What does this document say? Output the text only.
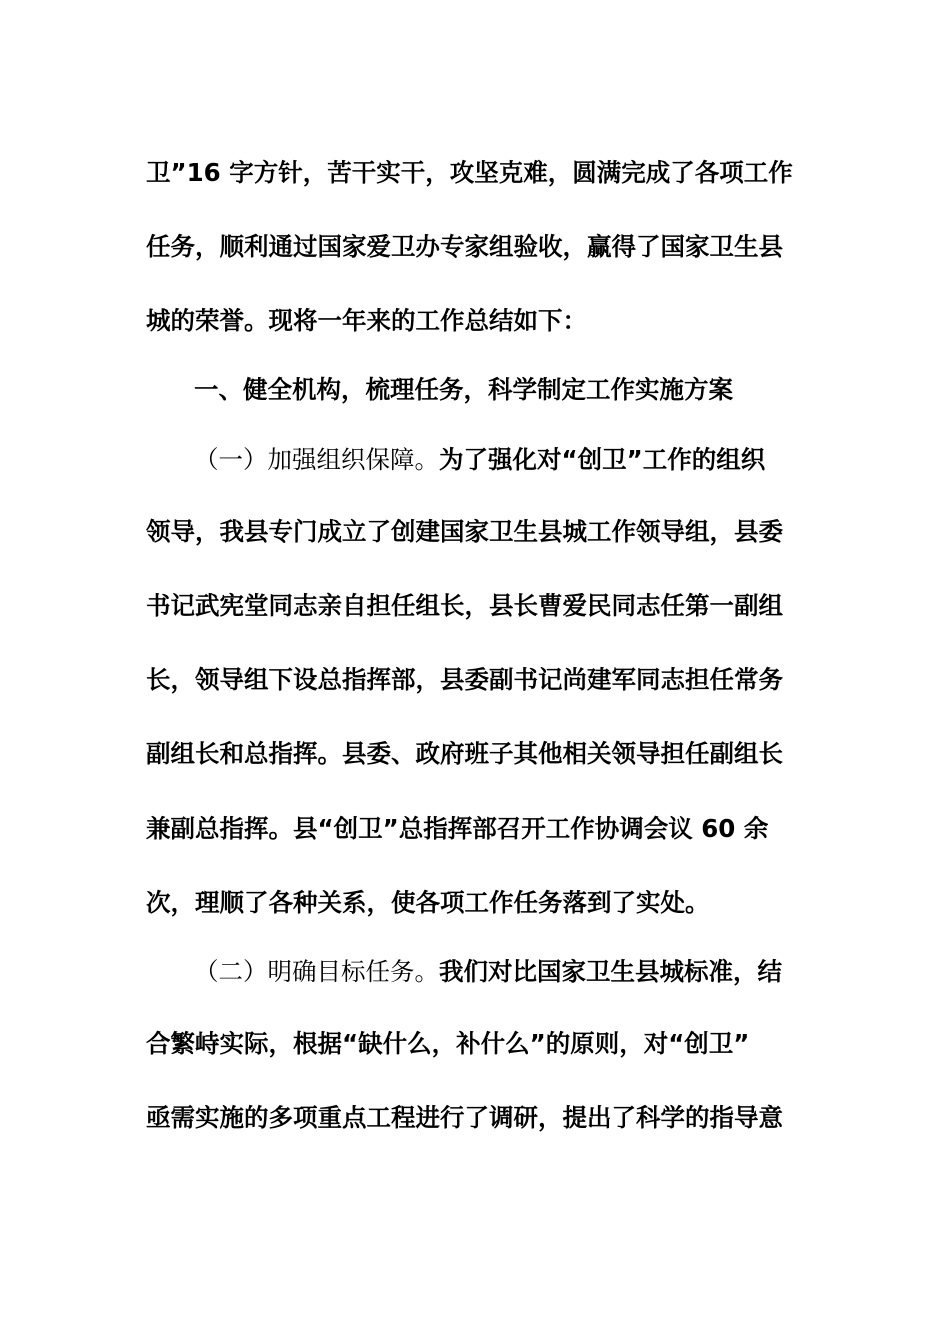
卫”16 字方针，苦干实干，攻坚克难，圆满完成了各项工作
任务，顺利通过国家爱卫办专家组验收，赢得了国家卫生县
城的荣誉。现将一年来的工作总结如下：
一、健全机构，梳理任务，科学制定工作实施方案
（一）加强组织保障。为了强化对“创卫”工作的组织
领导，我县专门成立了创建国家卫生县城工作领导组，县委
书记武宪堂同志亲自担任组长，县长曹爱民同志任第一副组
长，领导组下设总指挥部，县委副书记尚建军同志担任常务
副组长和总指挥。县委、政府班子其他相关领导担任副组长
兼副总指挥。县“创卫”总指挥部召开工作协调会议 60 余
次，理顺了各种关系，使各项工作任务落到了实处。
（二）明确目标任务。我们对比国家卫生县城标准，结
合繁峙实际，根据“缺什么，补什么”的原则，对“创卫”
亟需实施的多项重点工程进行了调研，提出了科学的指导意
